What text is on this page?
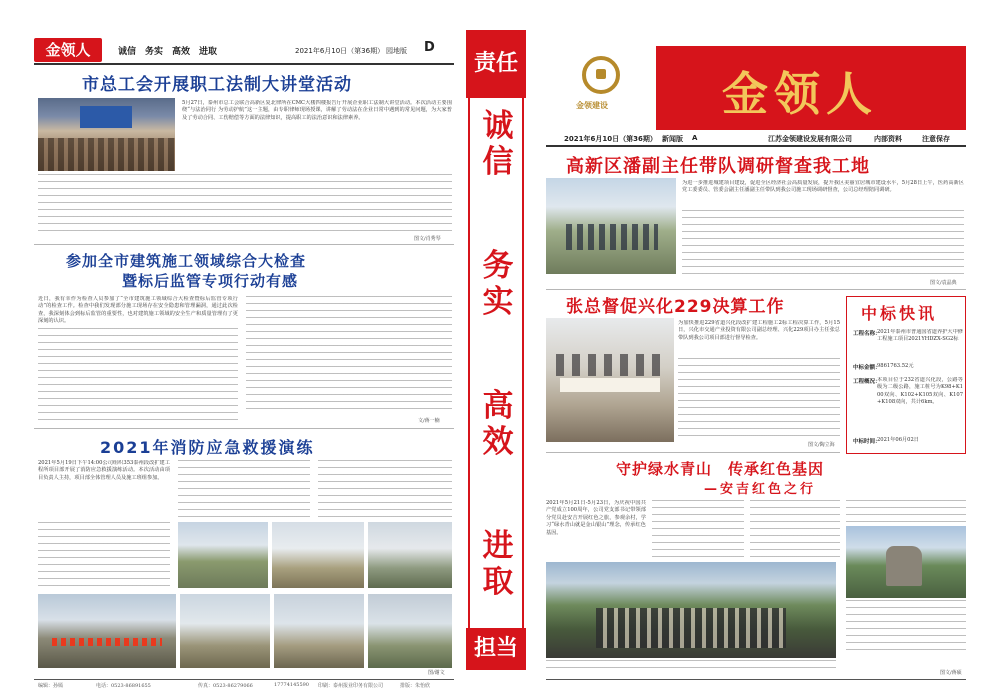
金领人	诚信　务实　高效　进取	2021年6月10日（第36期） 园地版 D
市总工会开展职工法制大讲堂活动
5月27日，泰州市总工会联合高新区复北律所在CMC大楼四楼报告厅开展企业职工法制大讲堂活动。本次活动主要围绕“与法治同行 为劳动护航”这一主题，由专职律师现场授课，讲解了劳动法在企业日常中遇到的常见问题，为大家普及了劳动合同、工伤赔偿等方面的法律知识，提高职工的法治意识和法律素养。
图文/肖秀琴
参加全市建筑施工领域综合大检查
暨标后监管专项行动有感
近日，我有幸作为检查人员参加了“全市建筑施工领域综合大检查暨标后监管专项行动”的检查工作。检查中我们发现部分施工现场存在安全隐患和管理漏洞，通过此次检查，我深刻体会到标后监管的重要性，也对建筑施工领域的安全生产和质量管理有了更深刻的认识。
文/蒋一楠
2021年消防应急救援演练
2021年5月19日下午14:00公司组织353泰州段改扩建工程所项目部开展了消防应急救援演练活动。本次活动由项目负责人主持，项目部全体管理人员及施工班组参加。
图/谢文
编辑：孙嫣	电话：0523-86891655	传真：0523-86279066	17774145590 印刷：泰州报业印务有限公司	排版：朱怡欣
责任
诚信
务实
高效
进取
担当
金领建设 金领人
2021年6月10日（第36期） 新闻版 A	江苏金领建设发展有限公司	内部资料	注意保存
高新区潘副主任带队调研督查我工地
为进一步推进城建项目建设，促进全区经济社会高质量发展，提升我区美丽宜居城市建设水平，5月28日上午，医药高新区党工委委员、管委会副主任潘副主任带队到我公司施工现场调研督查，公司总经理陪同调研。
图文/袁晶典
张总督促兴化229决算工作
为加快推进229省道兴化段改扩建工程施工2标工程决算工作，5月15日，兴化市交通产业投资有限公司副总经理、兴化229项目办主任张总带队到我公司项目部进行督导检查。
图文/陶立海
中标快讯
工程名称：
2021年泰州市普通国省道养护大中修工程施工项目2021YHDZX-SG2标
中标金额：
9861763.52元
工程概况：
本项目位于232省道兴化段，公路等级为二级公路，施工桩号为K98+K100双向、K102+K105双向、K107+K108双向，共计6km。
中标时间：
2021年06月02日
守护绿水青山　传承红色基因
—安吉红色之行
2021年5月21日-5月23日，为庆祝中国共产党成立100周年，公司党支部书记带领部分党员赴安吉开展红色之旅，参观余村，学习“绿水青山就是金山银山”理念，传承红色基因。
图文/蒋硕
